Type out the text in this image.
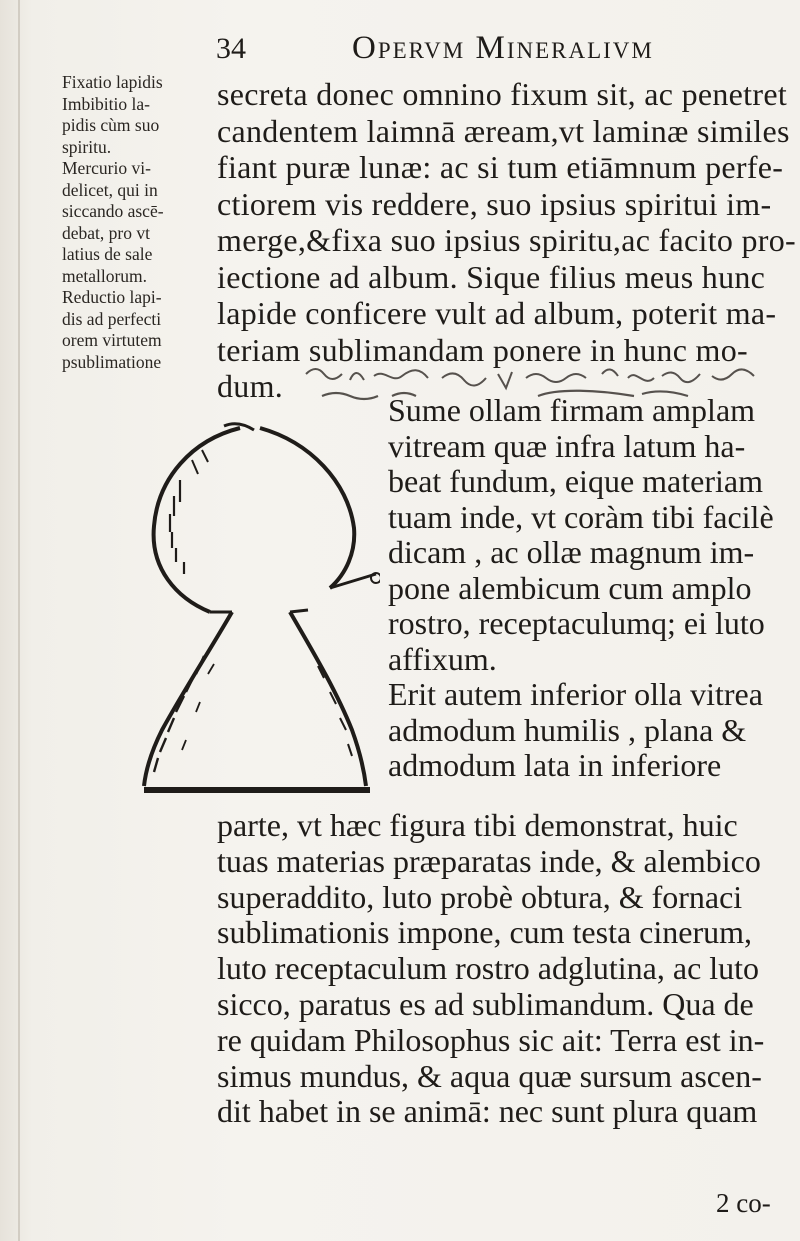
34	Opervm Mineralivm
Fixatio lapidis
Imbibitio la-
pidis cùm suo
spiritu.
Mercurio vi-
delicet, qui in
siccando ascē-
debat, pro vt
latius de sale
metallorum.
Reductio lapi-
dis ad perfecti
orem virtutem
psublimatione
secreta donec omnino fixum sit, ac penetret
candentem laimnā æream,vt laminæ similes
fiant puræ lunæ: ac si tum etiāmnum perfe-
ctiorem vis reddere, suo ipsius spiritui im-
merge,&fixa suo ipsius spiritu,ac facito pro-
iectione ad album. Sique filius meus hunc
lapide conficere vult ad album, poterit ma-
teriam sublimandam ponere in hunc mo-
dum.
Sume ollam firmam amplam
vitream quæ infra latum ha-
beat fundum, eique materiam
tuam inde, vt coràm tibi facilè
dicam , ac ollæ magnum im-
pone alembicum cum amplo
rostro, receptaculumq; ei luto
affixum.
Erit autem inferior olla vitrea
admodum humilis , plana &
admodum lata in inferiore
parte, vt hæc figura tibi demonstrat, huic
tuas materias præparatas inde, & alembico
superaddito, luto probè obtura, & fornaci
sublimationis impone, cum testa cinerum,
luto receptaculum rostro adglutina, ac luto
sicco, paratus es ad sublimandum. Qua de
re quidam Philosophus sic ait: Terra est in-
simus mundus, & aqua quæ sursum ascen-
dit habet in se animā: nec sunt plura quam
2 co-
